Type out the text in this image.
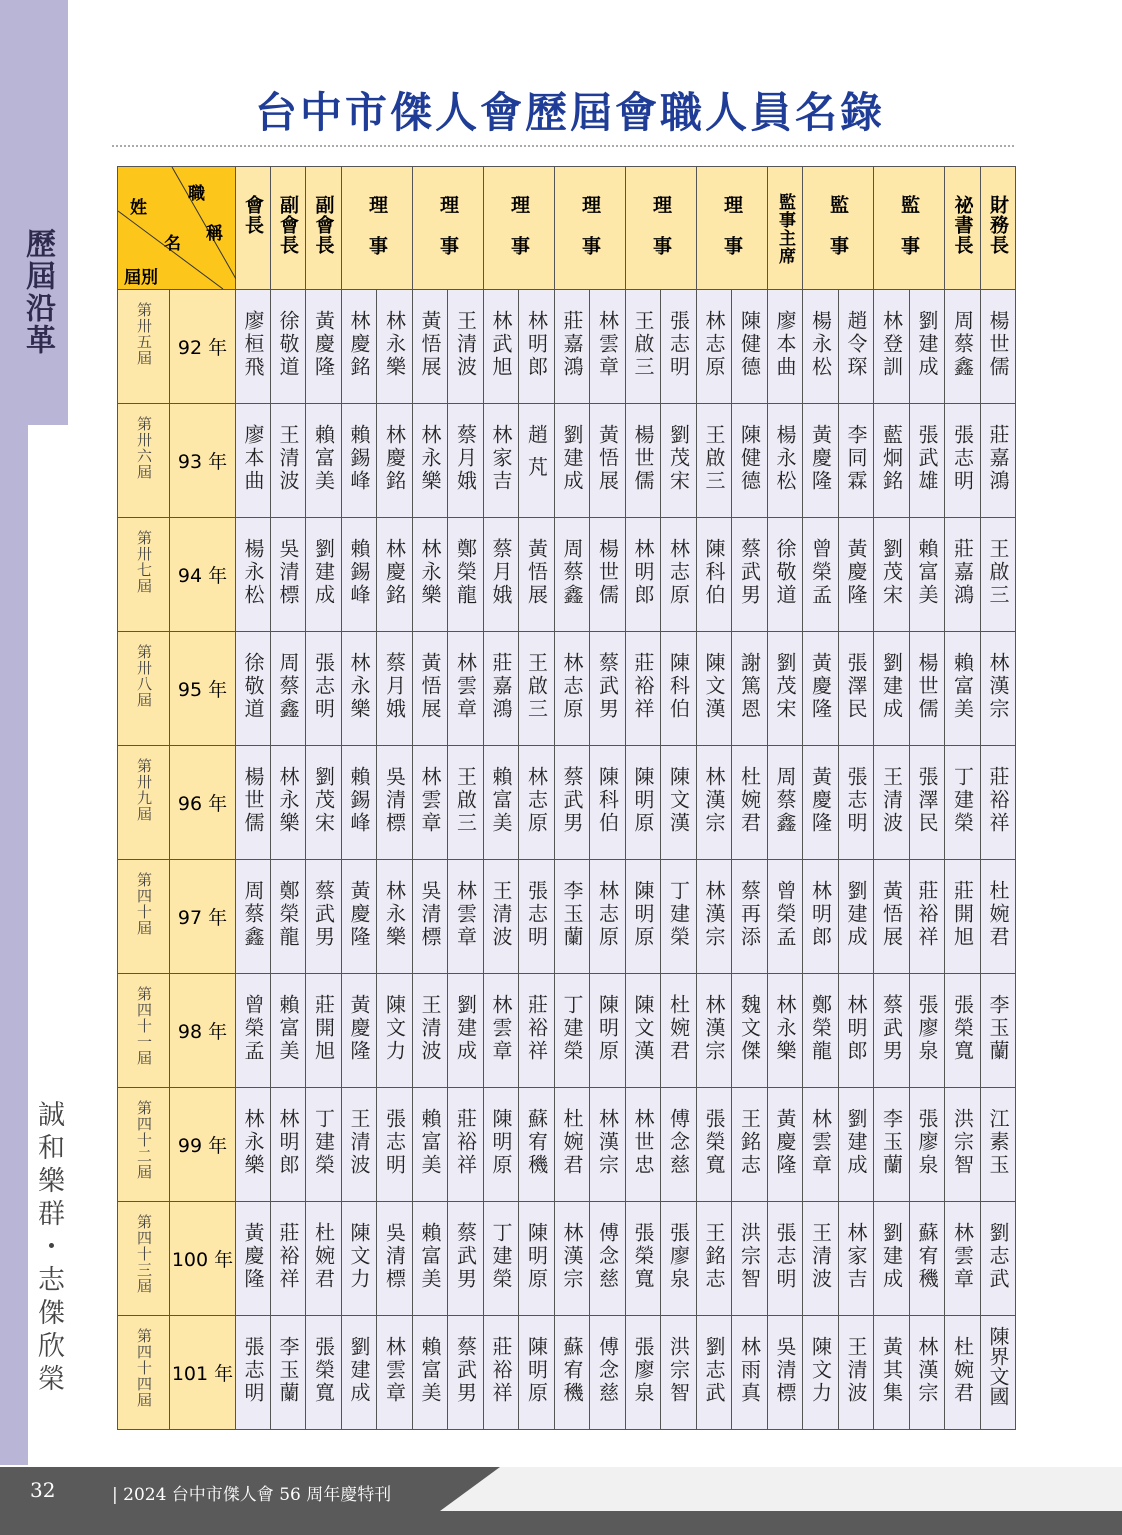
歷屆沿革
誠和樂群・志傑欣榮
台中市傑人會歷屆會職人員名錄
職
稱
姓
名
屆別		會長	副會長	副會長	理事		理事		理事		理事		理事		理事		監事主席	監事		監事		祕書長	財務長

第卅五屆	92 年	廖桓飛	徐敬道	黃慶隆	林慶銘	林永樂	黃悟展	王清波	林武旭	林明郎	莊嘉鴻	林雲章	王啟三	張志明	林志原	陳健德	廖本曲	楊永松	趙令琛	林登訓	劉建成	周蔡鑫	楊世儒

第卅六屆	93 年	廖本曲	王清波	賴富美	賴錫峰	林慶銘	林永樂	蔡月娥	林家吉	趙 芃	劉建成	黃悟展	楊世儒	劉茂宋	王啟三	陳健德	楊永松	黃慶隆	李同霖	藍炯銘	張武雄	張志明	莊嘉鴻

第卅七屆	94 年	楊永松	吳清標	劉建成	賴錫峰	林慶銘	林永樂	鄭榮龍	蔡月娥	黃悟展	周蔡鑫	楊世儒	林明郎	林志原	陳科伯	蔡武男	徐敬道	曾榮孟	黃慶隆	劉茂宋	賴富美	莊嘉鴻	王啟三

第卅八屆	95 年	徐敬道	周蔡鑫	張志明	林永樂	蔡月娥	黃悟展	林雲章	莊嘉鴻	王啟三	林志原	蔡武男	莊裕祥	陳科伯	陳文漢	謝篤恩	劉茂宋	黃慶隆	張澤民	劉建成	楊世儒	賴富美	林漢宗

第卅九屆	96 年	楊世儒	林永樂	劉茂宋	賴錫峰	吳清標	林雲章	王啟三	賴富美	林志原	蔡武男	陳科伯	陳明原	陳文漢	林漢宗	杜婉君	周蔡鑫	黃慶隆	張志明	王清波	張澤民	丁建榮	莊裕祥

第四十屆	97 年	周蔡鑫	鄭榮龍	蔡武男	黃慶隆	林永樂	吳清標	林雲章	王清波	張志明	李玉蘭	林志原	陳明原	丁建榮	林漢宗	蔡再添	曾榮孟	林明郎	劉建成	黃悟展	莊裕祥	莊開旭	杜婉君

第四十一屆	98 年	曾榮孟	賴富美	莊開旭	黃慶隆	陳文力	王清波	劉建成	林雲章	莊裕祥	丁建榮	陳明原	陳文漢	杜婉君	林漢宗	魏文傑	林永樂	鄭榮龍	林明郎	蔡武男	張廖泉	張榮寬	李玉蘭

第四十二屆	99 年	林永樂	林明郎	丁建榮	王清波	張志明	賴富美	莊裕祥	陳明原	蘇宥穖	杜婉君	林漢宗	林世忠	傅念慈	張榮寬	王銘志	黃慶隆	林雲章	劉建成	李玉蘭	張廖泉	洪宗智	江素玉

第四十三屆	100 年	黃慶隆	莊裕祥	杜婉君	陳文力	吳清標	賴富美	蔡武男	丁建榮	陳明原	林漢宗	傅念慈	張榮寬	張廖泉	王銘志	洪宗智	張志明	王清波	林家吉	劉建成	蘇宥穖	林雲章	劉志武

第四十四屆	101 年	張志明	李玉蘭	張榮寬	劉建成	林雲章	賴富美	蔡武男	莊裕祥	陳明原	蘇宥穖	傅念慈	張廖泉	洪宗智	劉志武	林雨真	吳清標	陳文力	王清波	黃其集	林漢宗	杜婉君	陳界文國
32	| 2024 台中市傑人會 56 周年慶特刊
